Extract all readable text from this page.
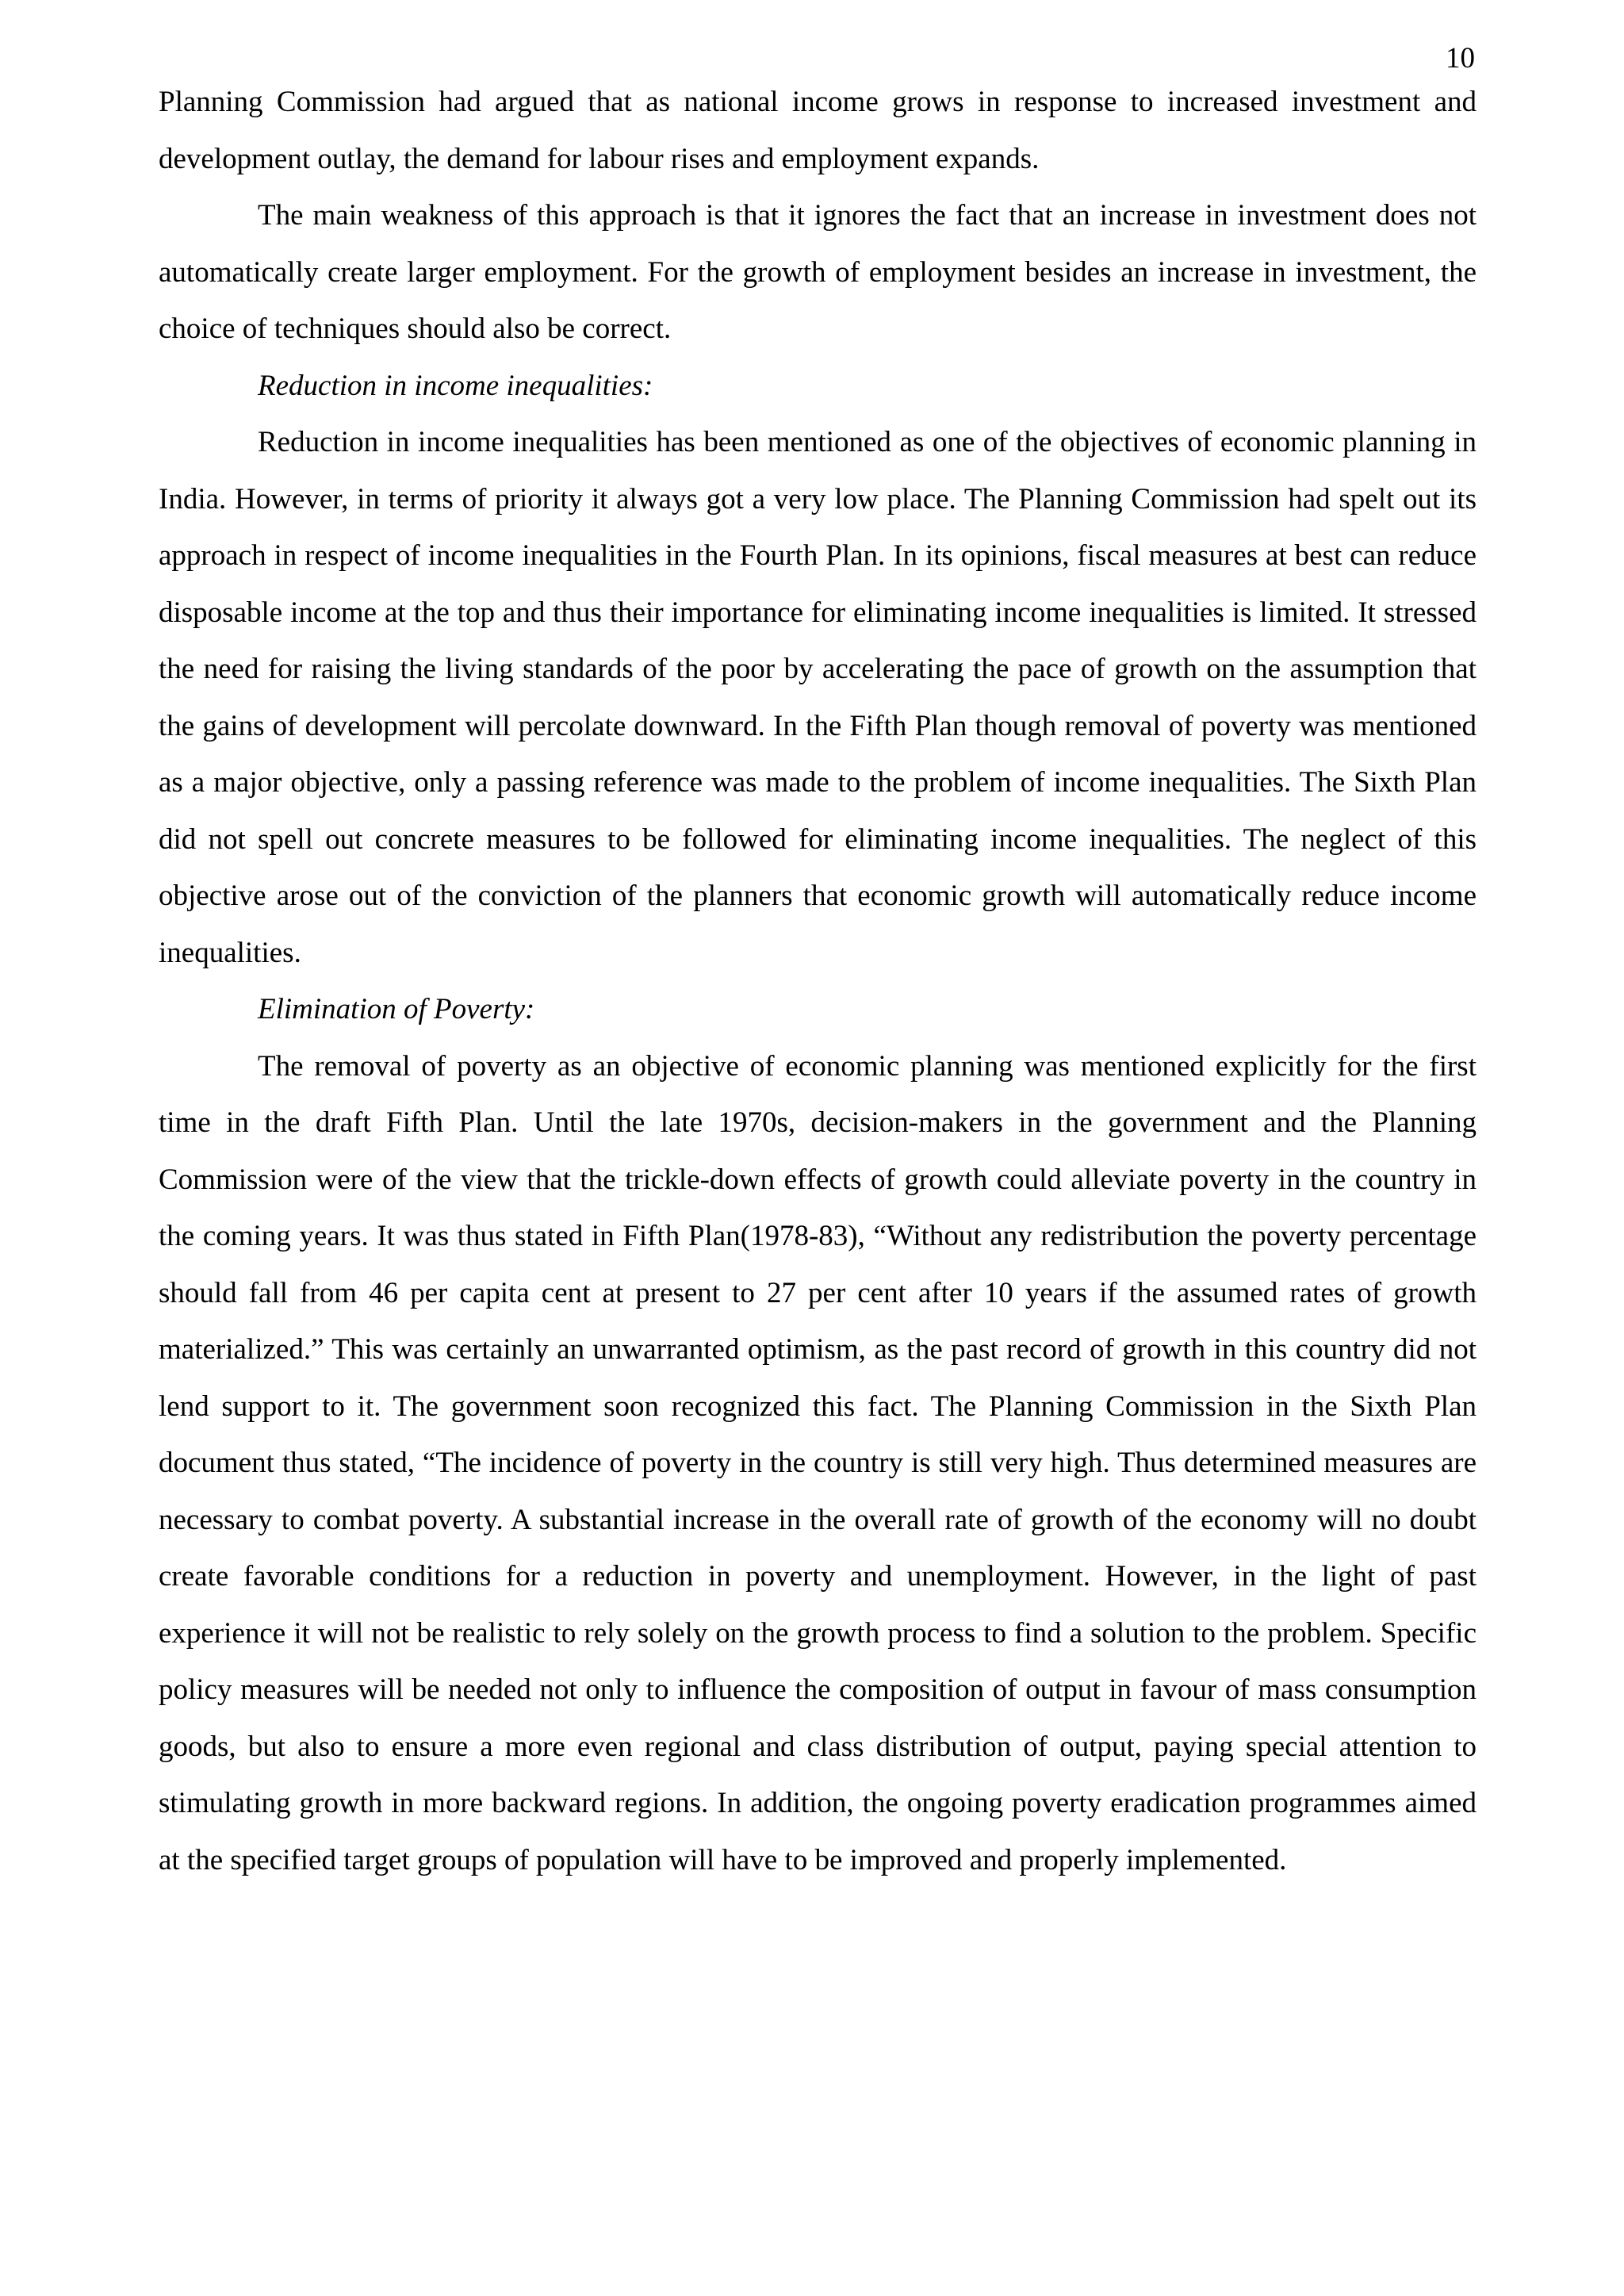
10

Planning Commission had argued that as national income grows in response to increased investment and development outlay, the demand for labour rises and employment expands.

The main weakness of this approach is that it ignores the fact that an increase in investment does not automatically create larger employment. For the growth of employment besides an increase in investment, the choice of techniques should also be correct.

Reduction in income inequalities:

Reduction in income inequalities has been mentioned as one of the objectives of economic planning in India. However, in terms of priority it always got a very low place. The Planning Commission had spelt out its approach in respect of income inequalities in the Fourth Plan. In its opinions, fiscal measures at best can reduce disposable income at the top and thus their importance for eliminating income inequalities is limited. It stressed the need for raising the living standards of the poor by accelerating the pace of growth on the assumption that the gains of development will percolate downward. In the Fifth Plan though removal of poverty was mentioned as a major objective, only a passing reference was made to the problem of income inequalities. The Sixth Plan did not spell out concrete measures to be followed for eliminating income inequalities. The neglect of this objective arose out of the conviction of the planners that economic growth will automatically reduce income inequalities.

Elimination of Poverty:

The removal of poverty as an objective of economic planning was mentioned explicitly for the first time in the draft Fifth Plan. Until the late 1970s, decision-makers in the government and the Planning Commission were of the view that the trickle-down effects of growth could alleviate poverty in the country in the coming years. It was thus stated in Fifth Plan(1978-83), “Without any redistribution the poverty percentage should fall from 46 per capita cent at present to 27 per cent after 10 years if the assumed rates of growth materialized.” This was certainly an unwarranted optimism, as the past record of growth in this country did not lend support to it. The government soon recognized this fact. The Planning Commission in the Sixth Plan document thus stated, “The incidence of poverty in the country is still very high. Thus determined measures are necessary to combat poverty. A substantial increase in the overall rate of growth of the economy will no doubt create favorable conditions for a reduction in poverty and unemployment. However, in the light of past experience it will not be realistic to rely solely on the growth process to find a solution to the problem. Specific policy measures will be needed not only to influence the composition of output in favour of mass consumption goods, but also to ensure a more even regional and class distribution of output, paying special attention to stimulating growth in more backward regions. In addition, the ongoing poverty eradication programmes aimed at the specified target groups of population will have to be improved and properly implemented.
